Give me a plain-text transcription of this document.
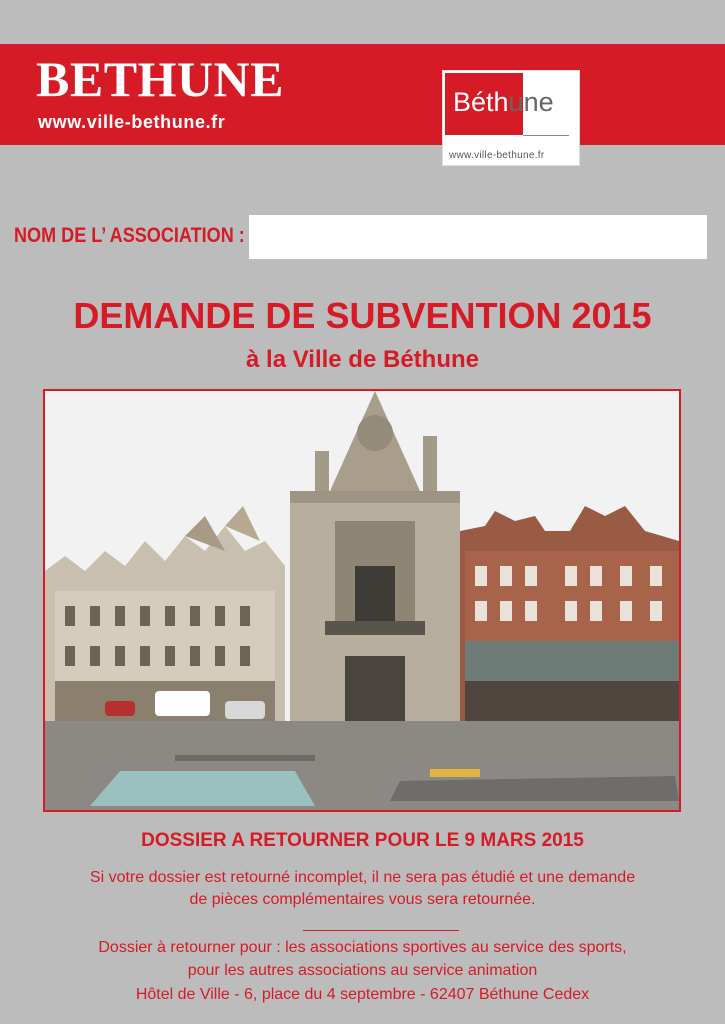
BETHUNE
www.ville-bethune.fr
Béthune
www.ville-bethune.fr
NOM DE L’ ASSOCIATION :
DEMANDE DE SUBVENTION 2015
à la Ville de Béthune
DOSSIER A RETOURNER POUR LE 9 MARS 2015
Si votre dossier est retourné incomplet, il ne sera pas étudié et une demande
de pièces complémentaires vous sera retournée.
Dossier à retourner pour : les associations sportives au service des sports,
pour les autres associations au service animation
Hôtel de Ville - 6, place du 4 septembre - 62407 Béthune Cedex
